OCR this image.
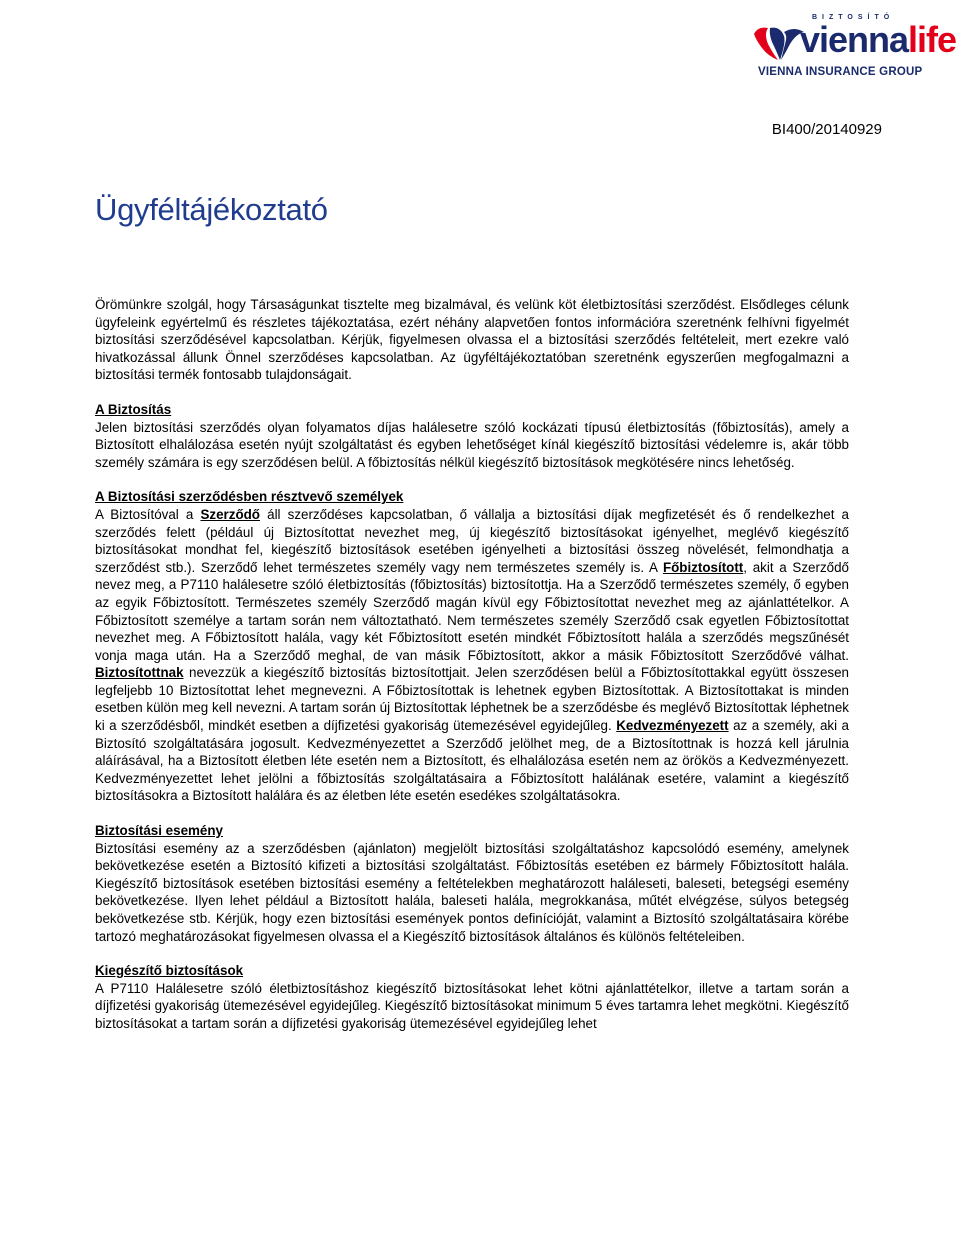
BIZTOSÍTÓ
viennalife
VIENNA INSURANCE GROUP
BI400/20140929
Ügyféltájékoztató

Örömünkre szolgál, hogy Társaságunkat tisztelte meg bizalmával, és velünk köt életbiztosítási szerződést. Elsődleges célunk ügyfeleink egyértelmű és részletes tájékoztatása, ezért néhány alapvetően fontos információra szeretnénk felhívni figyelmét biztosítási szerződésével kapcsolatban. Kérjük, figyelmesen olvassa el a biztosítási szerződés feltételeit, mert ezekre való hivatkozással állunk Önnel szerződéses kapcsolatban. Az ügyféltájékoztatóban szeretnénk egyszerűen megfogalmazni a biztosítási termék fontosabb tulajdonságait.

A Biztosítás

Jelen biztosítási szerződés olyan folyamatos díjas halálesetre szóló kockázati típusú életbiztosítás (főbiztosítás), amely a Biztosított elhalálozása esetén nyújt szolgáltatást és egyben lehetőséget kínál kiegészítő biztosítási védelemre is, akár több személy számára is egy szerződésen belül. A főbiztosítás nélkül kiegészítő biztosítások megkötésére nincs lehetőség.

A Biztosítási szerződésben résztvevő személyek

A Biztosítóval a Szerződő áll szerződéses kapcsolatban, ő vállalja a biztosítási díjak megfizetését és ő rendelkezhet a szerződés felett (például új Biztosítottat nevezhet meg, új kiegészítő biztosításokat igényelhet, meglévő kiegészítő biztosításokat mondhat fel, kiegészítő biztosítások esetében igényelheti a biztosítási összeg növelését, felmondhatja a szerződést stb.). Szerződő lehet természetes személy vagy nem természetes személy is. A Főbiztosított, akit a Szerződő nevez meg, a P7110 halálesetre szóló életbiztosítás (főbiztosítás) biztosítottja. Ha a Szerződő természetes személy, ő egyben az egyik Főbiztosított. Természetes személy Szerződő magán kívül egy Főbiztosítottat nevezhet meg az ajánlattételkor. A Főbiztosított személye a tartam során nem változtatható. Nem természetes személy Szerződő csak egyetlen Főbiztosítottat nevezhet meg. A Főbiztosított halála, vagy két Főbiztosított esetén mindkét Főbiztosított halála a szerződés megszűnését vonja maga után. Ha a Szerződő meghal, de van másik Főbiztosított, akkor a másik Főbiztosított Szerződővé válhat. Biztosítottnak nevezzük a kiegészítő biztosítás biztosítottjait. Jelen szerződésen belül a Főbiztosítottakkal együtt összesen legfeljebb 10 Biztosítottat lehet megnevezni. A Főbiztosítottak is lehetnek egyben Biztosítottak. A Biztosítottakat is minden esetben külön meg kell nevezni. A tartam során új Biztosítottak léphetnek be a szerződésbe és meglévő Biztosítottak léphetnek ki a szerződésből, mindkét esetben a díjfizetési gyakoriság ütemezésével egyidejűleg. Kedvezményezett az a személy, aki a Biztosító szolgáltatására jogosult. Kedvezményezettet a Szerződő jelölhet meg, de a Biztosítottnak is hozzá kell járulnia aláírásával, ha a Biztosított életben léte esetén nem a Biztosított, és elhalálozása esetén nem az örökös a Kedvezményezett. Kedvezményezettet lehet jelölni a főbiztosítás szolgáltatásaira a Főbiztosított halálának esetére, valamint a kiegészítő biztosításokra a Biztosított halálára és az életben léte esetén esedékes szolgáltatásokra.

Biztosítási esemény

Biztosítási esemény az a szerződésben (ajánlaton) megjelölt biztosítási szolgáltatáshoz kapcsolódó esemény, amelynek bekövetkezése esetén a Biztosító kifizeti a biztosítási szolgáltatást. Főbiztosítás esetében ez bármely Főbiztosított halála. Kiegészítő biztosítások esetében biztosítási esemény a feltételekben meghatározott haláleseti, baleseti, betegségi esemény bekövetkezése. Ilyen lehet például a Biztosított halála, baleseti halála, megrokkanása, műtét elvégzése, súlyos betegség bekövetkezése stb. Kérjük, hogy ezen biztosítási események pontos definícióját, valamint a Biztosító szolgáltatásaira körébe tartozó meghatározásokat figyelmesen olvassa el a Kiegészítő biztosítások általános és különös feltételeiben.

Kiegészítő biztosítások

A P7110 Halálesetre szóló életbiztosításhoz kiegészítő biztosításokat lehet kötni ajánlattételkor, illetve a tartam során a díjfizetési gyakoriság ütemezésével egyidejűleg. Kiegészítő biztosításokat minimum 5 éves tartamra lehet megkötni. Kiegészítő biztosításokat a tartam során a díjfizetési gyakoriság ütemezésével egyidejűleg lehet
